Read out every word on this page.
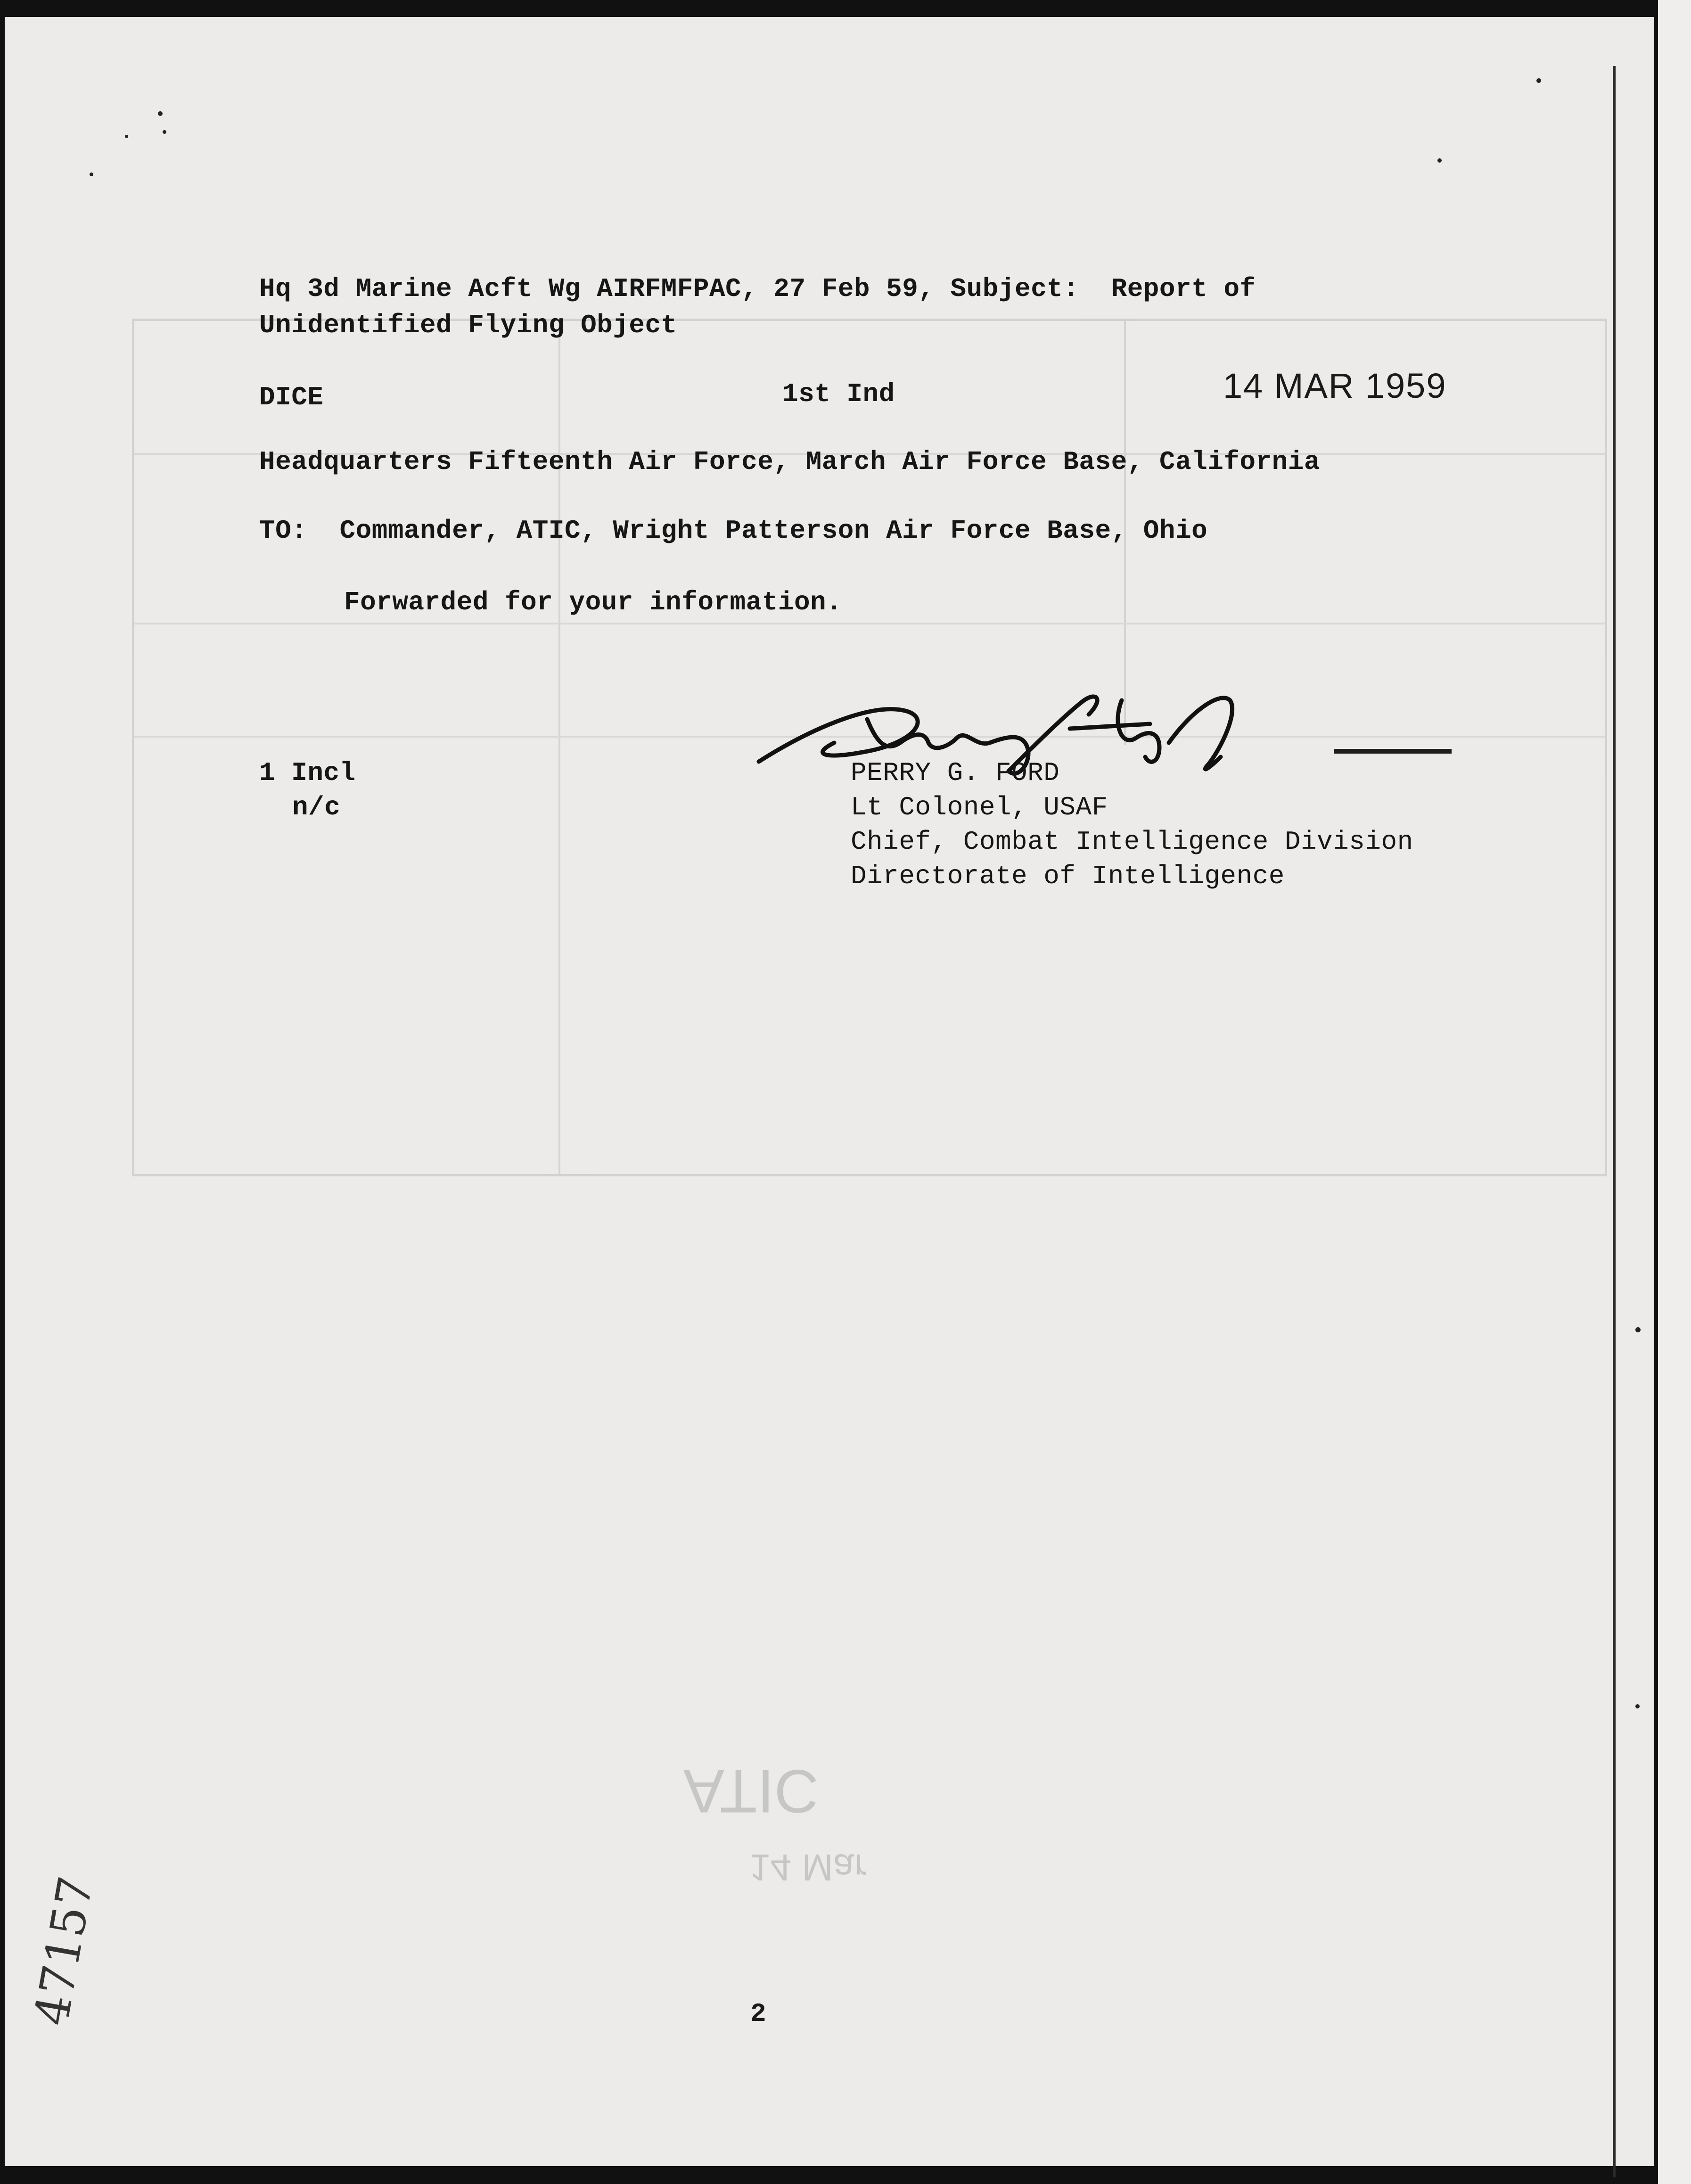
Hq 3d Marine Acft Wg AIRFMFPAC, 27 Feb 59, Subject:  Report of
Unidentified Flying Object
DICE	1st Ind	14 MAR 1959
Headquarters Fifteenth Air Force, March Air Force Base, California
TO:  Commander, ATIC, Wright Patterson Air Force Base, Ohio
Forwarded for your information.
1 Incl
n/c
PERRY G. FORD
Lt Colonel, USAF
Chief, Combat Intelligence Division
Directorate of Intelligence
ATIC
14 Mar
2
47157
